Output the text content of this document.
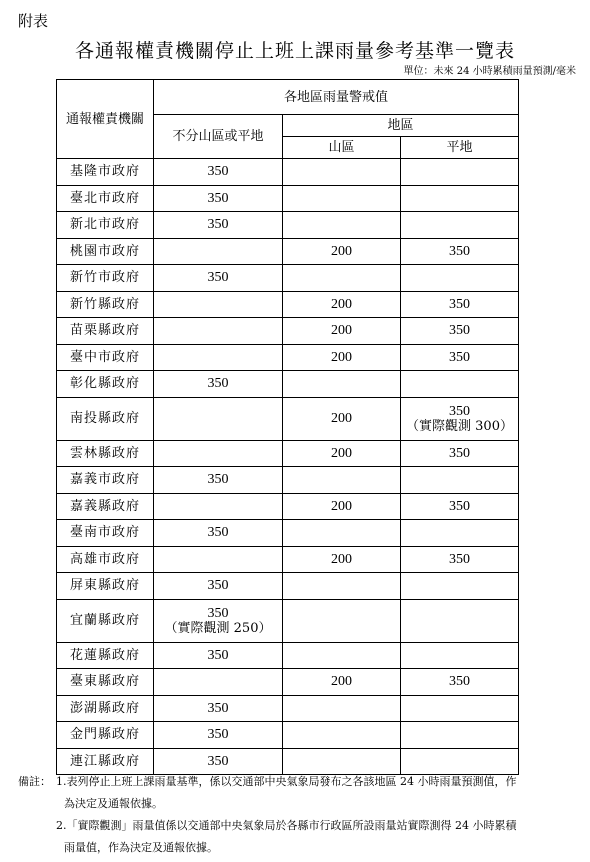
附表
各通報權責機關停止上班上課雨量參考基準一覽表
單位：未來 24 小時累積雨量預測/毫米
通報權責機關	各地區雨量警戒值		
	不分山區或平地	地區	
		山區	平地
基隆市政府	350		

臺北市政府	350		

新北市政府	350		

桃園市政府		200	350

新竹市政府	350		

新竹縣政府		200	350

苗栗縣政府		200	350

臺中市政府		200	350

彰化縣政府	350		

南投縣政府		200	350
（實際觀測 300）

雲林縣政府		200	350

嘉義市政府	350		

嘉義縣政府		200	350

臺南市政府	350		

高雄市政府		200	350

屏東縣政府	350		

宜蘭縣政府	350
（實際觀測 250）		

花蓮縣政府	350		

臺東縣政府		200	350

澎湖縣政府	350		

金門縣政府	350		

連江縣政府	350		

備註： 1.表列停止上班上課雨量基準，係以交通部中央氣象局發布之各該地區 24 小時雨量預測值，作
為決定及通報依據。
2.「實際觀測」雨量值係以交通部中央氣象局於各縣市行政區所設雨量站實際測得 24 小時累積
雨量值，作為決定及通報依據。
